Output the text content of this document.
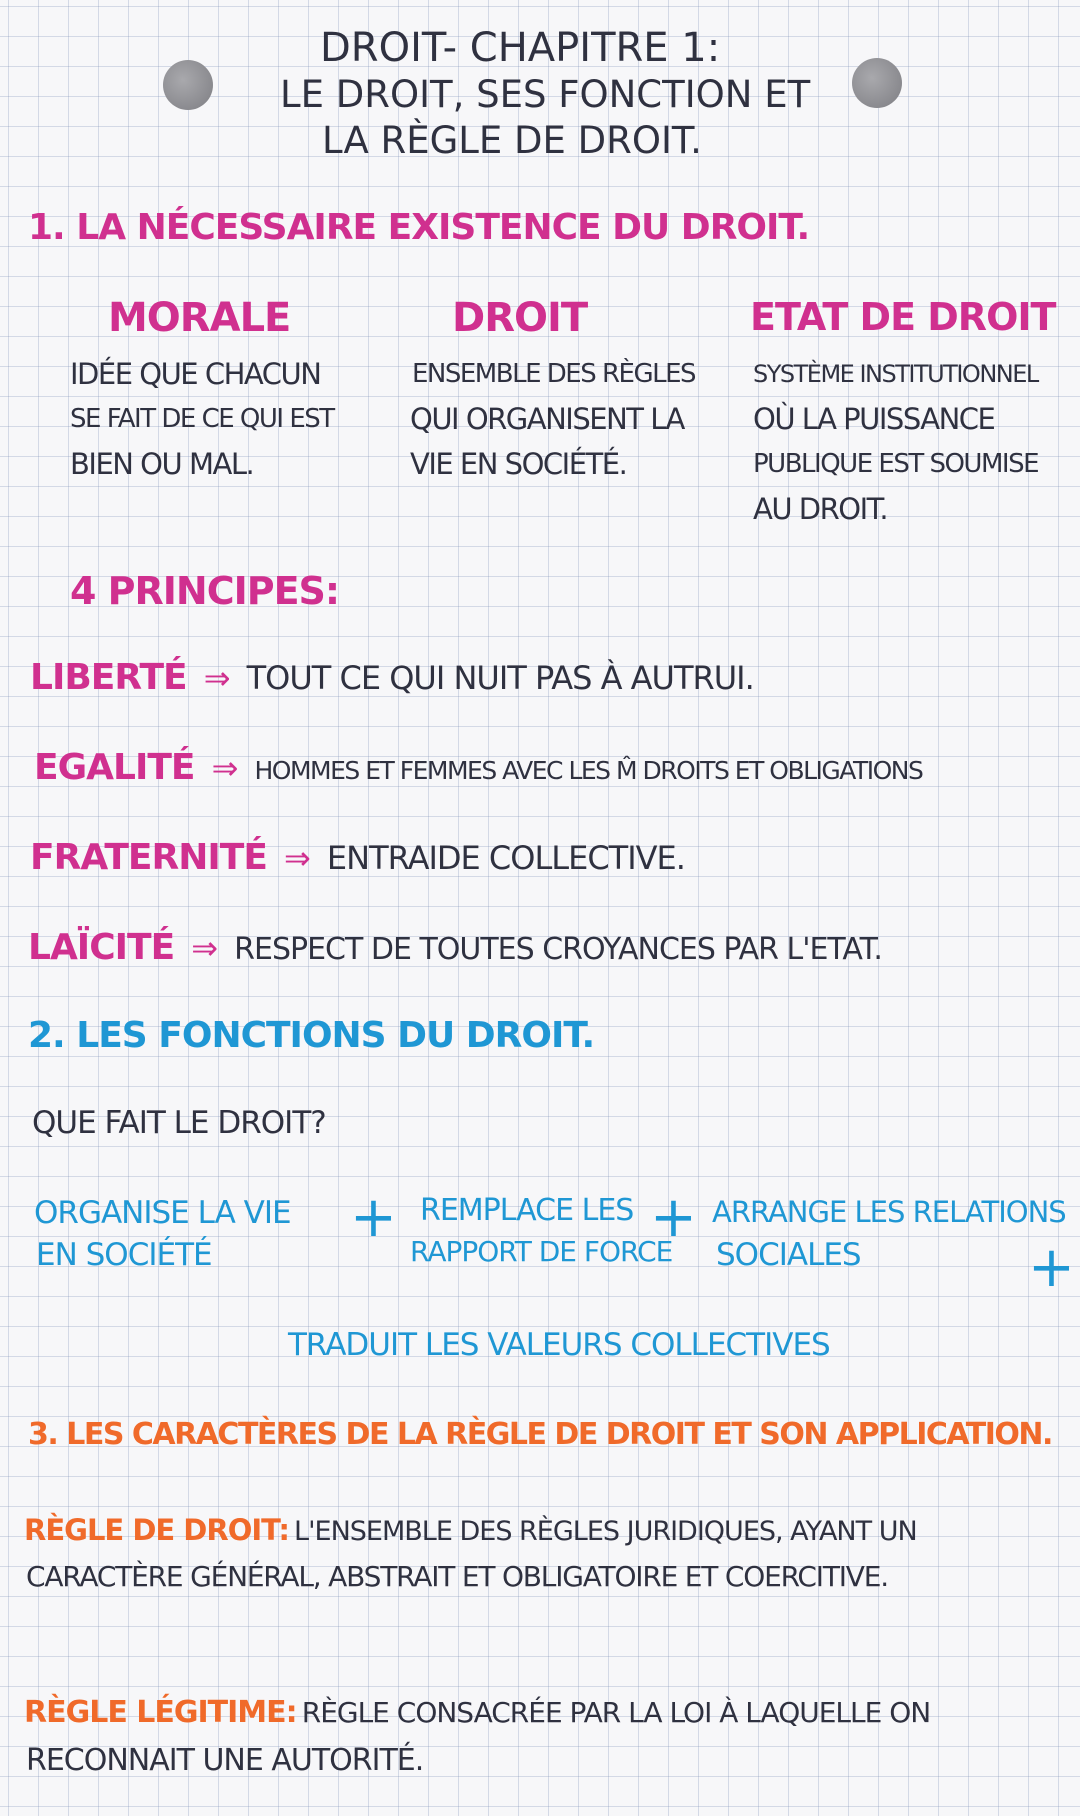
DROIT- CHAPITRE 1:
LE DROIT, SES FONCTION ET
LA RÈGLE DE DROIT.
1. LA NÉCESSAIRE EXISTENCE DU DROIT.
MORALE
IDÉE QUE CHACUN
SE FAIT DE CE QUI EST
BIEN OU MAL.
DROIT
ENSEMBLE DES RÈGLES
QUI ORGANISENT LA
VIE EN SOCIÉTÉ.
ETAT DE DROIT
SYSTÈME INSTITUTIONNEL
OÙ LA PUISSANCE
PUBLIQUE EST SOUMISE
AU DROIT.
4 PRINCIPES:
LIBERTÉ ⇒ TOUT CE QUI NUIT PAS À AUTRUI.
EGALITÉ ⇒ HOMMES ET FEMMES AVEC LES M̂ DROITS ET OBLIGATIONS
FRATERNITÉ ⇒ ENTRAIDE COLLECTIVE.
LAÏCITÉ ⇒ RESPECT DE TOUTES CROYANCES PAR L'ETAT.
2. LES FONCTIONS DU DROIT.
QUE FAIT LE DROIT?
ORGANISE LA VIE
EN SOCIÉTÉ
+ REMPLACE LES
RAPPORT DE FORCE
+ ARRANGE LES RELATIONS
SOCIALES	+
TRADUIT LES VALEURS COLLECTIVES
3. LES CARACTÈRES DE LA RÈGLE DE DROIT ET SON APPLICATION.
RÈGLE DE DROIT: L'ENSEMBLE DES RÈGLES JURIDIQUES, AYANT UN
CARACTÈRE GÉNÉRAL, ABSTRAIT ET OBLIGATOIRE ET COERCITIVE.
RÈGLE LÉGITIME: RÈGLE CONSACRÉE PAR LA LOI À LAQUELLE ON
RECONNAIT UNE AUTORITÉ.
